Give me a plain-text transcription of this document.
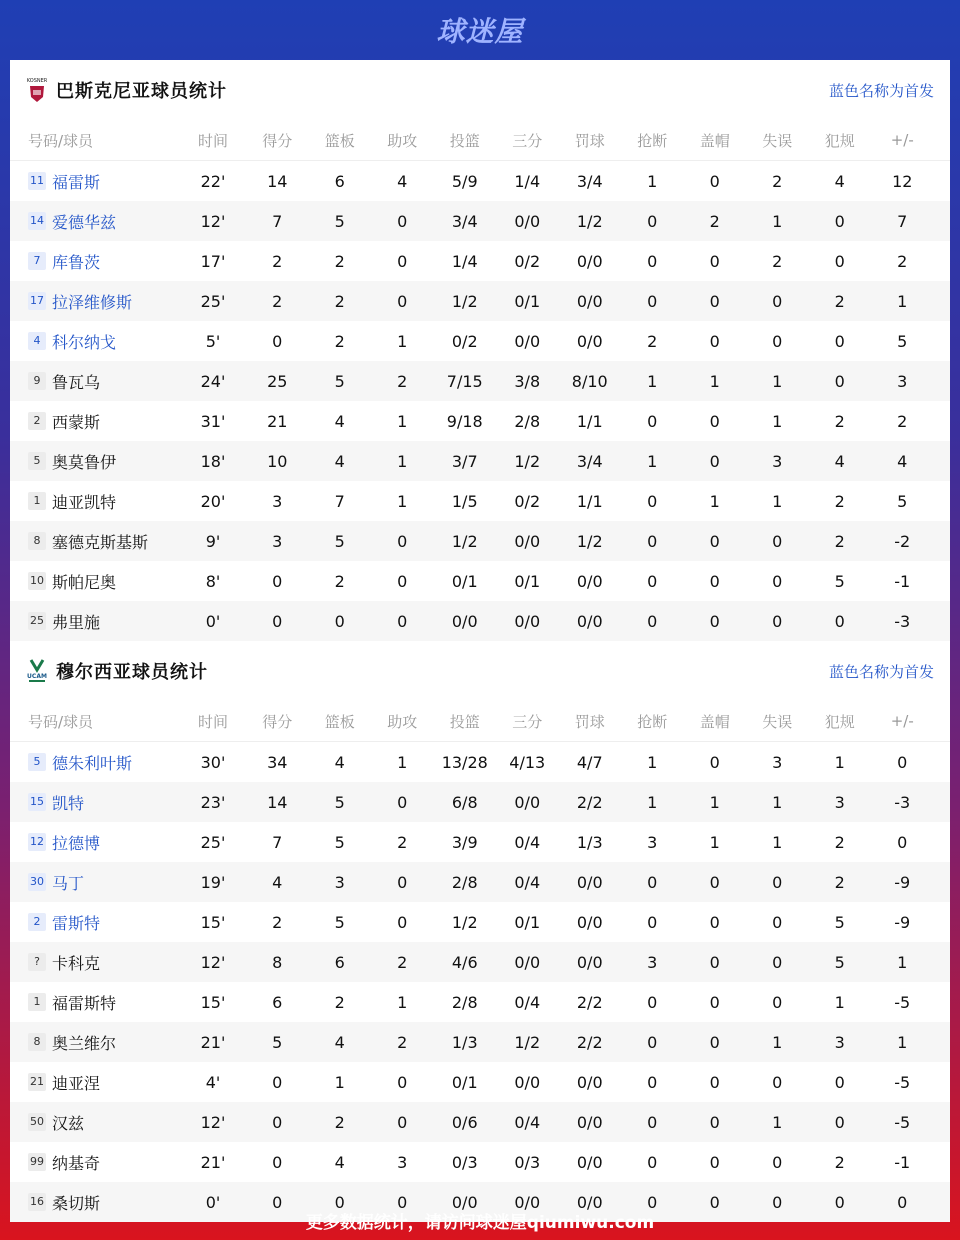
球迷屋
KOSNER 巴斯克尼亚球员统计	蓝色名称为首发
号码/球员	时间	得分	篮板	助攻	投篮	三分	罚球	抢断	盖帽	失误	犯规	+/-
11 福雷斯	22'	14	6	4	5/9	1/4	3/4	1	0	2	4	12
14 爱德华兹	12'	7	5	0	3/4	0/0	1/2	0	2	1	0	7
7 库鲁茨	17'	2	2	0	1/4	0/2	0/0	0	0	2	0	2
17 拉泽维修斯	25'	2	2	0	1/2	0/1	0/0	0	0	0	2	1
4 科尔纳戈	5'	0	2	1	0/2	0/0	0/0	2	0	0	0	5
9 鲁瓦乌	24'	25	5	2	7/15	3/8	8/10	1	1	1	0	3
2 西蒙斯	31'	21	4	1	9/18	2/8	1/1	0	0	1	2	2
5 奥莫鲁伊	18'	10	4	1	3/7	1/2	3/4	1	0	3	4	4
1 迪亚凯特	20'	3	7	1	1/5	0/2	1/1	0	1	1	2	5
8 塞德克斯基斯	9'	3	5	0	1/2	0/0	1/2	0	0	0	2	-2
10 斯帕尼奥	8'	0	2	0	0/1	0/1	0/0	0	0	0	5	-1
25 弗里施	0'	0	0	0	0/0	0/0	0/0	0	0	0	0	-3
UCAM 穆尔西亚球员统计	蓝色名称为首发
号码/球员	时间	得分	篮板	助攻	投篮	三分	罚球	抢断	盖帽	失误	犯规	+/-
5 德朱利叶斯	30'	34	4	1	13/28	4/13	4/7	1	0	3	1	0
15 凯特	23'	14	5	0	6/8	0/0	2/2	1	1	1	3	-3
12 拉德博	25'	7	5	2	3/9	0/4	1/3	3	1	1	2	0
30 马丁	19'	4	3	0	2/8	0/4	0/0	0	0	0	2	-9
2 雷斯特	15'	2	5	0	1/2	0/1	0/0	0	0	0	5	-9
? 卡科克	12'	8	6	2	4/6	0/0	0/0	3	0	0	5	1
1 福雷斯特	15'	6	2	1	2/8	0/4	2/2	0	0	0	1	-5
8 奥兰维尔	21'	5	4	2	1/3	1/2	2/2	0	0	1	3	1
21 迪亚涅	4'	0	1	0	0/1	0/0	0/0	0	0	0	0	-5
50 汉兹	12'	0	2	0	0/6	0/4	0/0	0	0	1	0	-5
99 纳基奇	21'	0	4	3	0/3	0/3	0/0	0	0	0	2	-1
16 桑切斯	0'	0	0	0	0/0	0/0	0/0	0	0	0	0	0
更多数据统计，请访问球迷屋qiumiwu.com
